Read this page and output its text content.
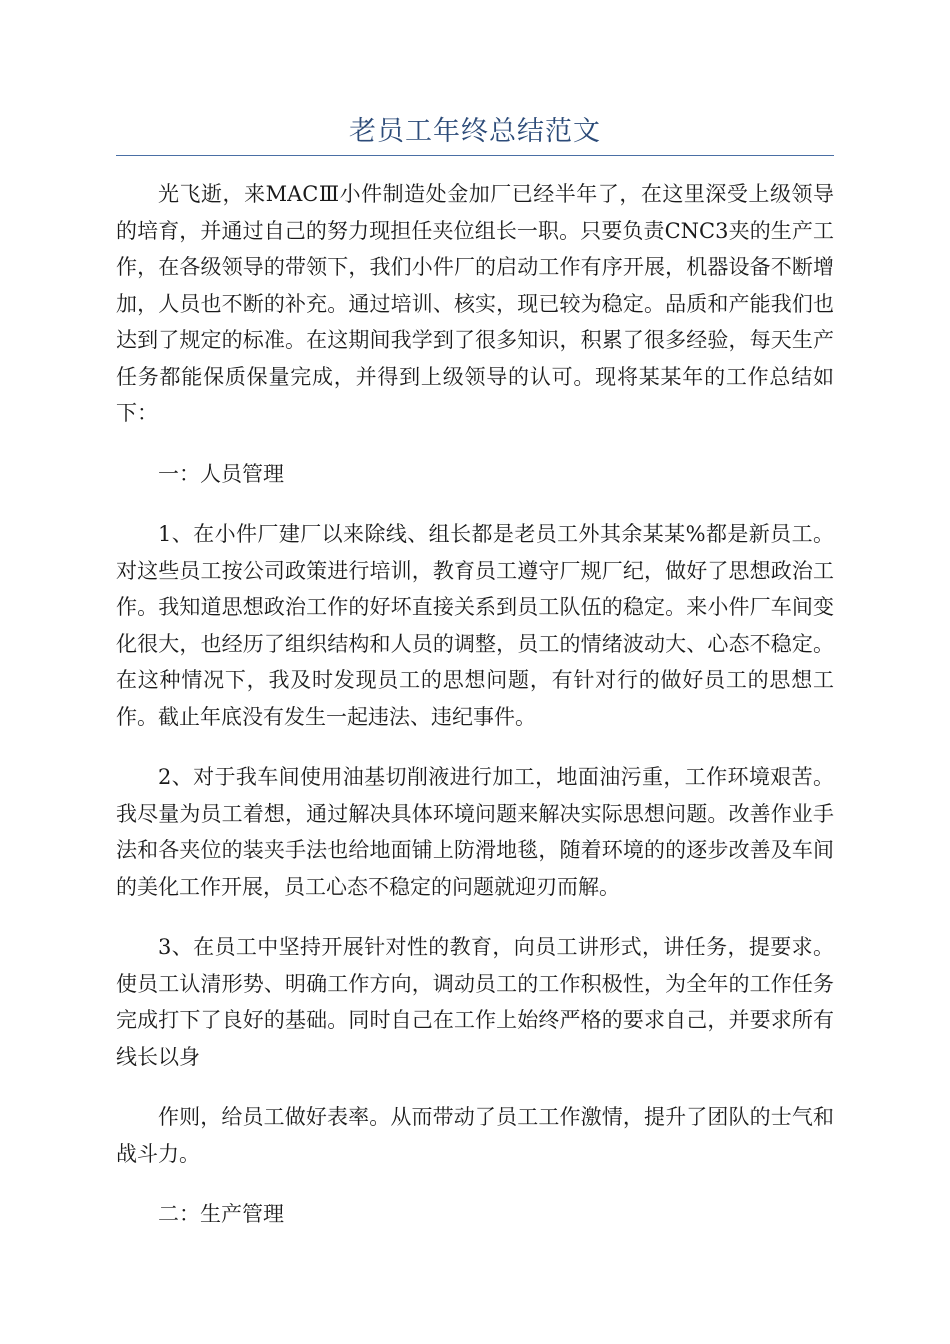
老员工年终总结范文

光飞逝，来MACⅢ小件制造处金加厂已经半年了，在这里深受上级领导的培育，并通过自己的努力现担任夹位组长一职。只要负责CNC3夹的生产工作，在各级领导的带领下，我们小件厂的启动工作有序开展，机器设备不断增加，人员也不断的补充。通过培训、核实，现已较为稳定。品质和产能我们也达到了规定的标准。在这期间我学到了很多知识，积累了很多经验，每天生产任务都能保质保量完成，并得到上级领导的认可。现将某某年的工作总结如下：

一：人员管理

1、在小件厂建厂以来除线、组长都是老员工外其余某某%都是新员工。对这些员工按公司政策进行培训，教育员工遵守厂规厂纪，做好了思想政治工作。我知道思想政治工作的好坏直接关系到员工队伍的稳定。来小件厂车间变化很大，也经历了组织结构和人员的调整，员工的情绪波动大、心态不稳定。在这种情况下，我及时发现员工的思想问题，有针对行的做好员工的思想工作。截止年底没有发生一起违法、违纪事件。

2、对于我车间使用油基切削液进行加工，地面油污重，工作环境艰苦。我尽量为员工着想，通过解决具体环境问题来解决实际思想问题。改善作业手法和各夹位的装夹手法也给地面铺上防滑地毯，随着环境的的逐步改善及车间的美化工作开展，员工心态不稳定的问题就迎刃而解。

3、在员工中坚持开展针对性的教育，向员工讲形式，讲任务，提要求。使员工认清形势、明确工作方向，调动员工的工作积极性，为全年的工作任务完成打下了良好的基础。同时自己在工作上始终严格的要求自己，并要求所有线长以身

作则，给员工做好表率。从而带动了员工工作激情，提升了团队的士气和战斗力。

二：生产管理
